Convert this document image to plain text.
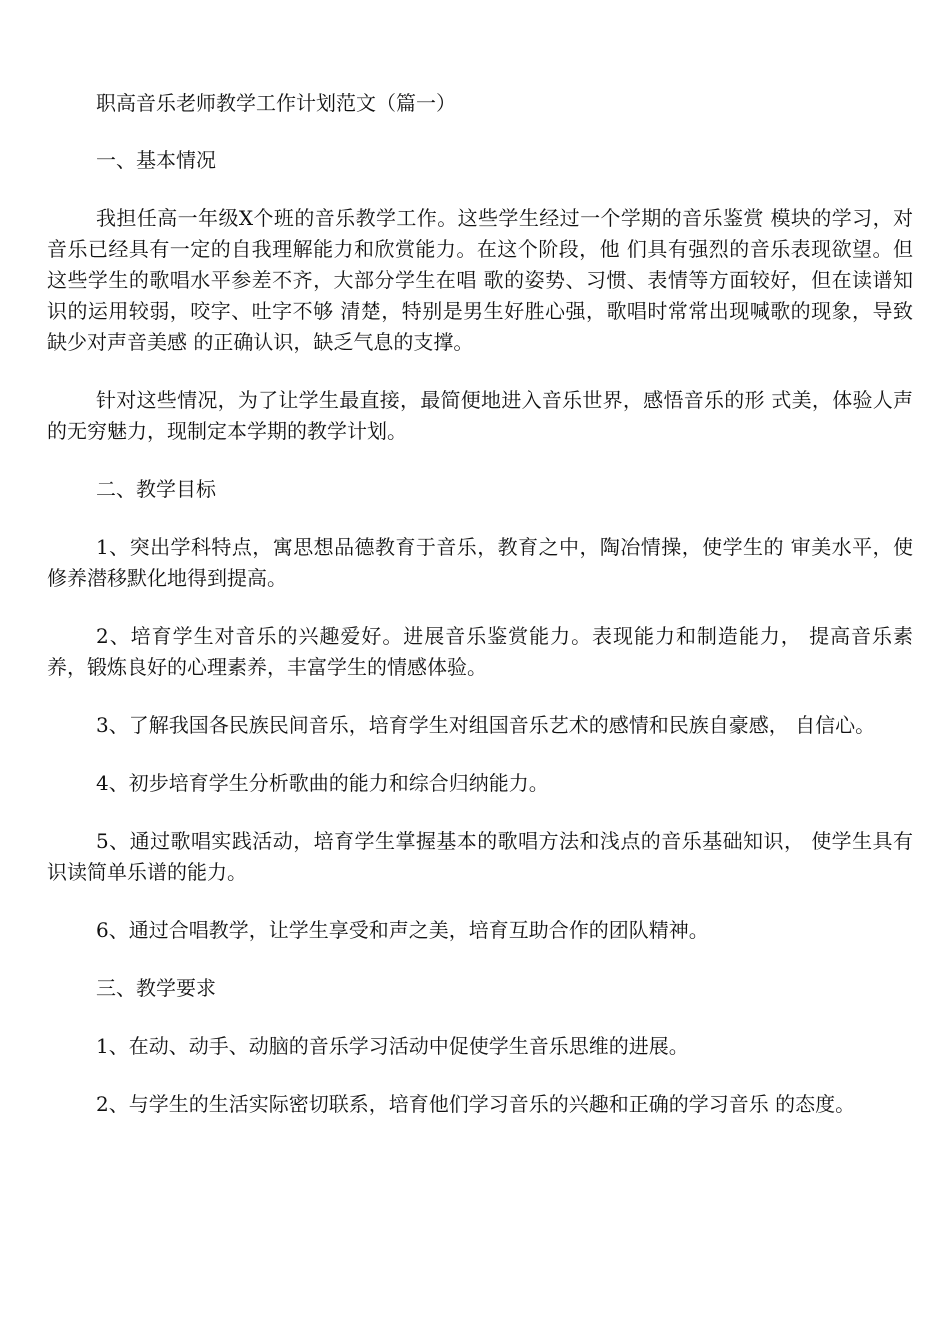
职高音乐老师教学工作计划范文（篇一）

一、基本情况

我担任高一年级X个班的音乐教学工作。这些学生经过一个学期的音乐鉴赏 模块的学习，对音乐已经具有一定的自我理解能力和欣赏能力。在这个阶段，他 们具有强烈的音乐表现欲望。但这些学生的歌唱水平参差不齐，大部分学生在唱 歌的姿势、习惯、表情等方面较好，但在读谱知识的运用较弱，咬字、吐字不够 清楚，特别是男生好胜心强，歌唱时常常出现喊歌的现象，导致缺少对声音美感 的正确认识，缺乏气息的支撑。

针对这些情况，为了让学生最直接，最简便地进入音乐世界，感悟音乐的形 式美，体验人声的无穷魅力，现制定本学期的教学计划。

二、教学目标

1、突出学科特点，寓思想品德教育于音乐，教育之中，陶冶情操，使学生的 审美水平，使修养潜移默化地得到提高。

2、培育学生对音乐的兴趣爱好。进展音乐鉴赏能力。表现能力和制造能力， 提高音乐素养，锻炼良好的心理素养，丰富学生的情感体验。

3、了解我国各民族民间音乐，培育学生对组国音乐艺术的感情和民族自豪感， 自信心。

4、初步培育学生分析歌曲的能力和综合归纳能力。

5、通过歌唱实践活动，培育学生掌握基本的歌唱方法和浅点的音乐基础知识， 使学生具有识读简单乐谱的能力。

6、通过合唱教学，让学生享受和声之美，培育互助合作的团队精神。

三、教学要求

1、在动、动手、动脑的音乐学习活动中促使学生音乐思维的进展。

2、与学生的生活实际密切联系，培育他们学习音乐的兴趣和正确的学习音乐 的态度。
